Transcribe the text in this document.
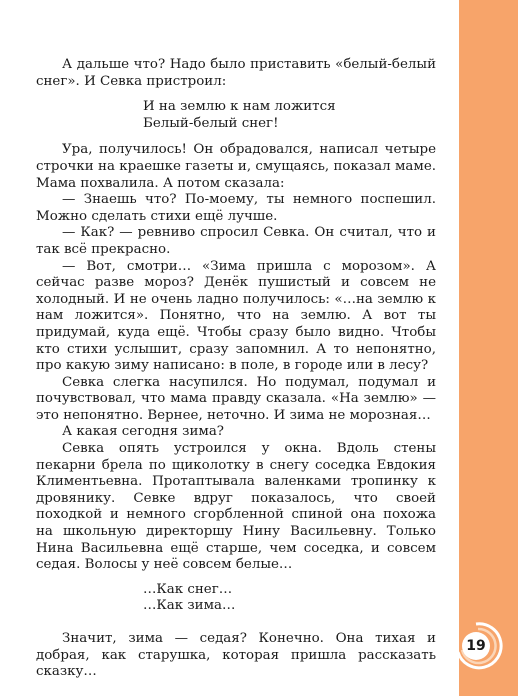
19

А дальше что? Надо было приставить «белый-белый снег». И Севка пристроил:

И на землю к нам ложится
Белый-белый снег!

Ура, получилось! Он обрадовался, написал четыре строчки на краешке газеты и, смущаясь, показал маме. Мама похвалила. А потом сказала:

— Знаешь что? По-моему, ты немного поспешил. Можно сделать стихи ещё лучше.

— Как? — ревниво спросил Севка. Он считал, что и так всё прекрасно.

— Вот, смотри… «Зима пришла с морозом». А сейчас разве мороз? Денёк пушистый и совсем не холодный. И не очень ладно получилось: «…на землю к нам ложится». Понятно, что на землю. А вот ты придумай, куда ещё. Чтобы сразу было видно. Чтобы кто стихи услышит, сразу запомнил. А то непонятно, про какую зиму написано: в поле, в городе или в лесу?

Севка слегка насупился. Но подумал, подумал и почувствовал, что мама правду сказала. «На землю» — это непонятно. Вернее, неточно. И зима не морозная…

А какая сегодня зима?

Севка опять устроился у окна. Вдоль стены пекарни брела по щиколотку в снегу соседка Евдокия Климентьевна. Протаптывала валенками тропинку к дровянику. Севке вдруг показалось, что своей походкой и немного сгорбленной спиной она похожа на школьную директоршу Нину Васильевну. Только Нина Васильевна ещё старше, чем соседка, и совсем седая. Волосы у неё совсем белые…

…Как снег…
…Как зима…

Значит, зима — седая? Конечно. Она тихая и добрая, как старушка, которая пришла рассказать сказку…
